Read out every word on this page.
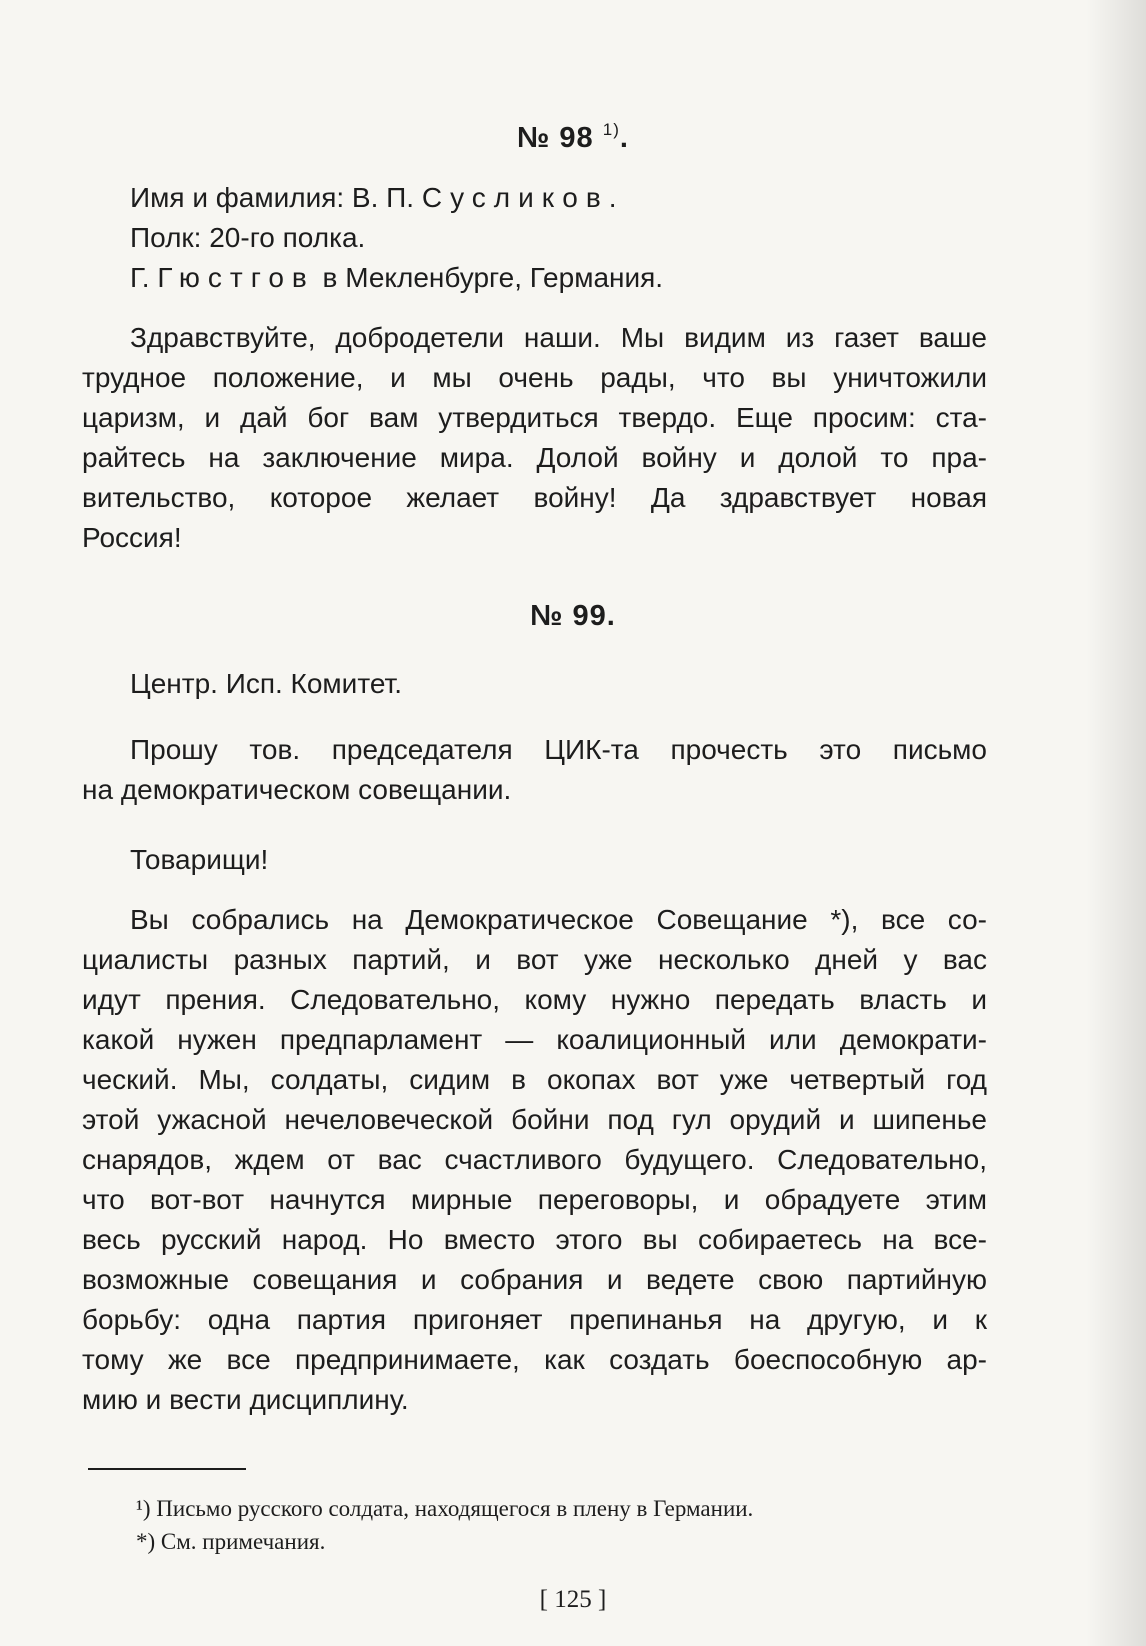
№ 98 $^{1)}$.
Имя и фамилия: В. П. Сусликов.
Полк: 20-го полка.
Г. Гюстгов в Мекленбурге, Германия.
Здравствуйте, добродетели наши. Мы видим из газет ваше
трудное положение, и мы очень рады, что вы уничтожили
царизм, и дай бог вам утвердиться твердо. Еще просим: ста-
райтесь на заключение мира. Долой войну и долой то пра-
вительство, которое желает войну! Да здравствует новая
Россия!
№ 99.
Центр. Исп. Комитет.
Прошу тов. председателя ЦИК-та прочесть это письмо
на демократическом совещании.
Товарищи!
Вы собрались на Демократическое Совещание *), все со-
циалисты разных партий, и вот уже несколько дней у вас
идут прения. Следовательно, кому нужно передать власть и
какой нужен предпарламент — коалиционный или демократи-
ческий. Мы, солдаты, сидим в окопах вот уже четвертый год
этой ужасной нечеловеческой бойни под гул орудий и шипенье
снарядов, ждем от вас счастливого будущего. Следовательно,
что вот-вот начнутся мирные переговоры, и обрадуете этим
весь русский народ. Но вместо этого вы собираетесь на все-
возможные совещания и собрания и ведете свою партийную
борьбу: одна партия пригоняет препинанья на другую, и к
тому же все предпринимаете, как создать боеспособную ар-
мию и вести дисциплину.
¹) Письмо русского солдата, находящегося в плену в Германии.
*) См. примечания.
[ 125 ]
